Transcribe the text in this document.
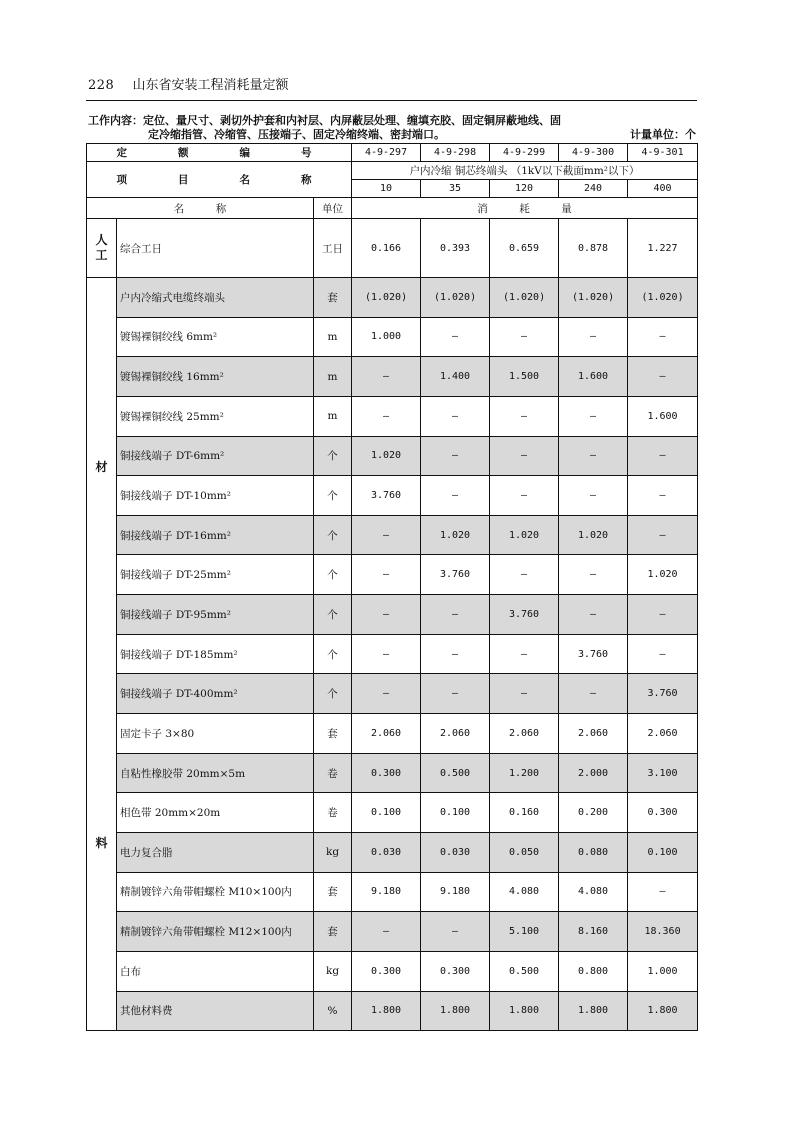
228 山东省安装工程消耗量定额
工作内容：定位、量尺寸、剥切外护套和内衬层、内屏蔽层处理、缠填充胶、固定铜屏蔽地线、固
定冷缩指管、冷缩管、压接端子、固定冷缩终端、密封端口。	计量单位：个
定　　额　　编　　号			4-9-297	4-9-298	4-9-299	4-9-300	4-9-301
项　　目　　名　　称			户内冷缩 铜芯终端头 （1kV以下截面mm²以下）				
			10	35	120	240	400
名　　　称		单位	消　　　耗　　　量				
人工	综合工日	工日	0.166	0.393	0.659	0.878	1.227

材
料	户内冷缩式电缆终端头	套	(1.020)	(1.020)	(1.020)	(1.020)	(1.020)
	镀锡裸铜绞线 6mm²	m	1.000	—	—	—	—
	镀锡裸铜绞线 16mm²	m	—	1.400	1.500	1.600	—
	镀锡裸铜绞线 25mm²	m	—	—	—	—	1.600
	铜接线端子 DT-6mm²	个	1.020	—	—	—	—
	铜接线端子 DT-10mm²	个	3.760	—	—	—	—
	铜接线端子 DT-16mm²	个	—	1.020	1.020	1.020	—
	铜接线端子 DT-25mm²	个	—	3.760	—	—	1.020
	铜接线端子 DT-95mm²	个	—	—	3.760	—	—
	铜接线端子 DT-185mm²	个	—	—	—	3.760	—
	铜接线端子 DT-400mm²	个	—	—	—	—	3.760
	固定卡子 3×80	套	2.060	2.060	2.060	2.060	2.060
	自粘性橡胶带 20mm×5m	卷	0.300	0.500	1.200	2.000	3.100
	相色带 20mm×20m	卷	0.100	0.100	0.160	0.200	0.300
	电力复合脂	kg	0.030	0.030	0.050	0.080	0.100
	精制镀锌六角带帽螺栓 M10×100内	套	9.180	9.180	4.080	4.080	—
	精制镀锌六角带帽螺栓 M12×100内	套	—	—	5.100	8.160	18.360
	白布	kg	0.300	0.300	0.500	0.800	1.000
	其他材料费	%	1.800	1.800	1.800	1.800	1.800
